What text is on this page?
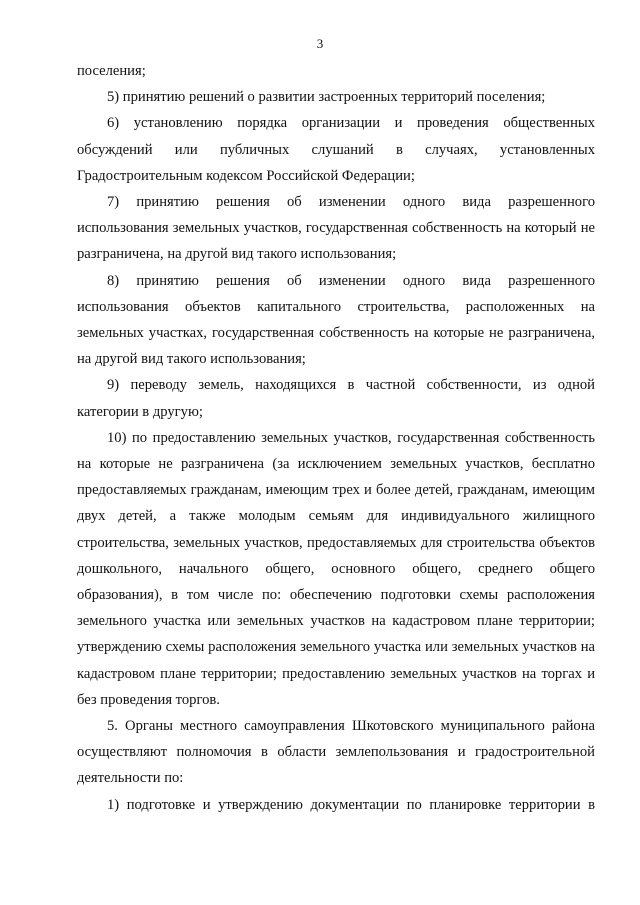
3

поселения;

5) принятию решений о развитии застроенных территорий поселения;

6) установлению порядка организации и проведения общественных обсуждений или публичных слушаний в случаях, установленных Градостроительным кодексом Российской Федерации;

7) принятию решения об изменении одного вида разрешенного использования земельных участков, государственная собственность на который не разграничена, на другой вид такого использования;

8) принятию решения об изменении одного вида разрешенного использования объектов капитального строительства, расположенных на земельных участках, государственная собственность на которые не разграничена, на другой вид такого использования;

9) переводу земель, находящихся в частной собственности, из одной категории в другую;

10) по предоставлению земельных участков, государственная собственность на которые не разграничена (за исключением земельных участков, бесплатно предоставляемых гражданам, имеющим трех и более детей, гражданам, имеющим двух детей, а также молодым семьям для индивидуального жилищного строительства, земельных участков, предоставляемых для строительства объектов дошкольного, начального общего, основного общего, среднего общего образования), в том числе по: обеспечению подготовки схемы расположения земельного участка или земельных участков на кадастровом плане территории; утверждению схемы расположения земельного участка или земельных участков на кадастровом плане территории; предоставлению земельных участков на торгах и без проведения торгов.

5. Органы местного самоуправления Шкотовского муниципального района осуществляют полномочия в области землепользования и градостроительной деятельности по:

1) подготовке и утверждению документации по планировке территории в
